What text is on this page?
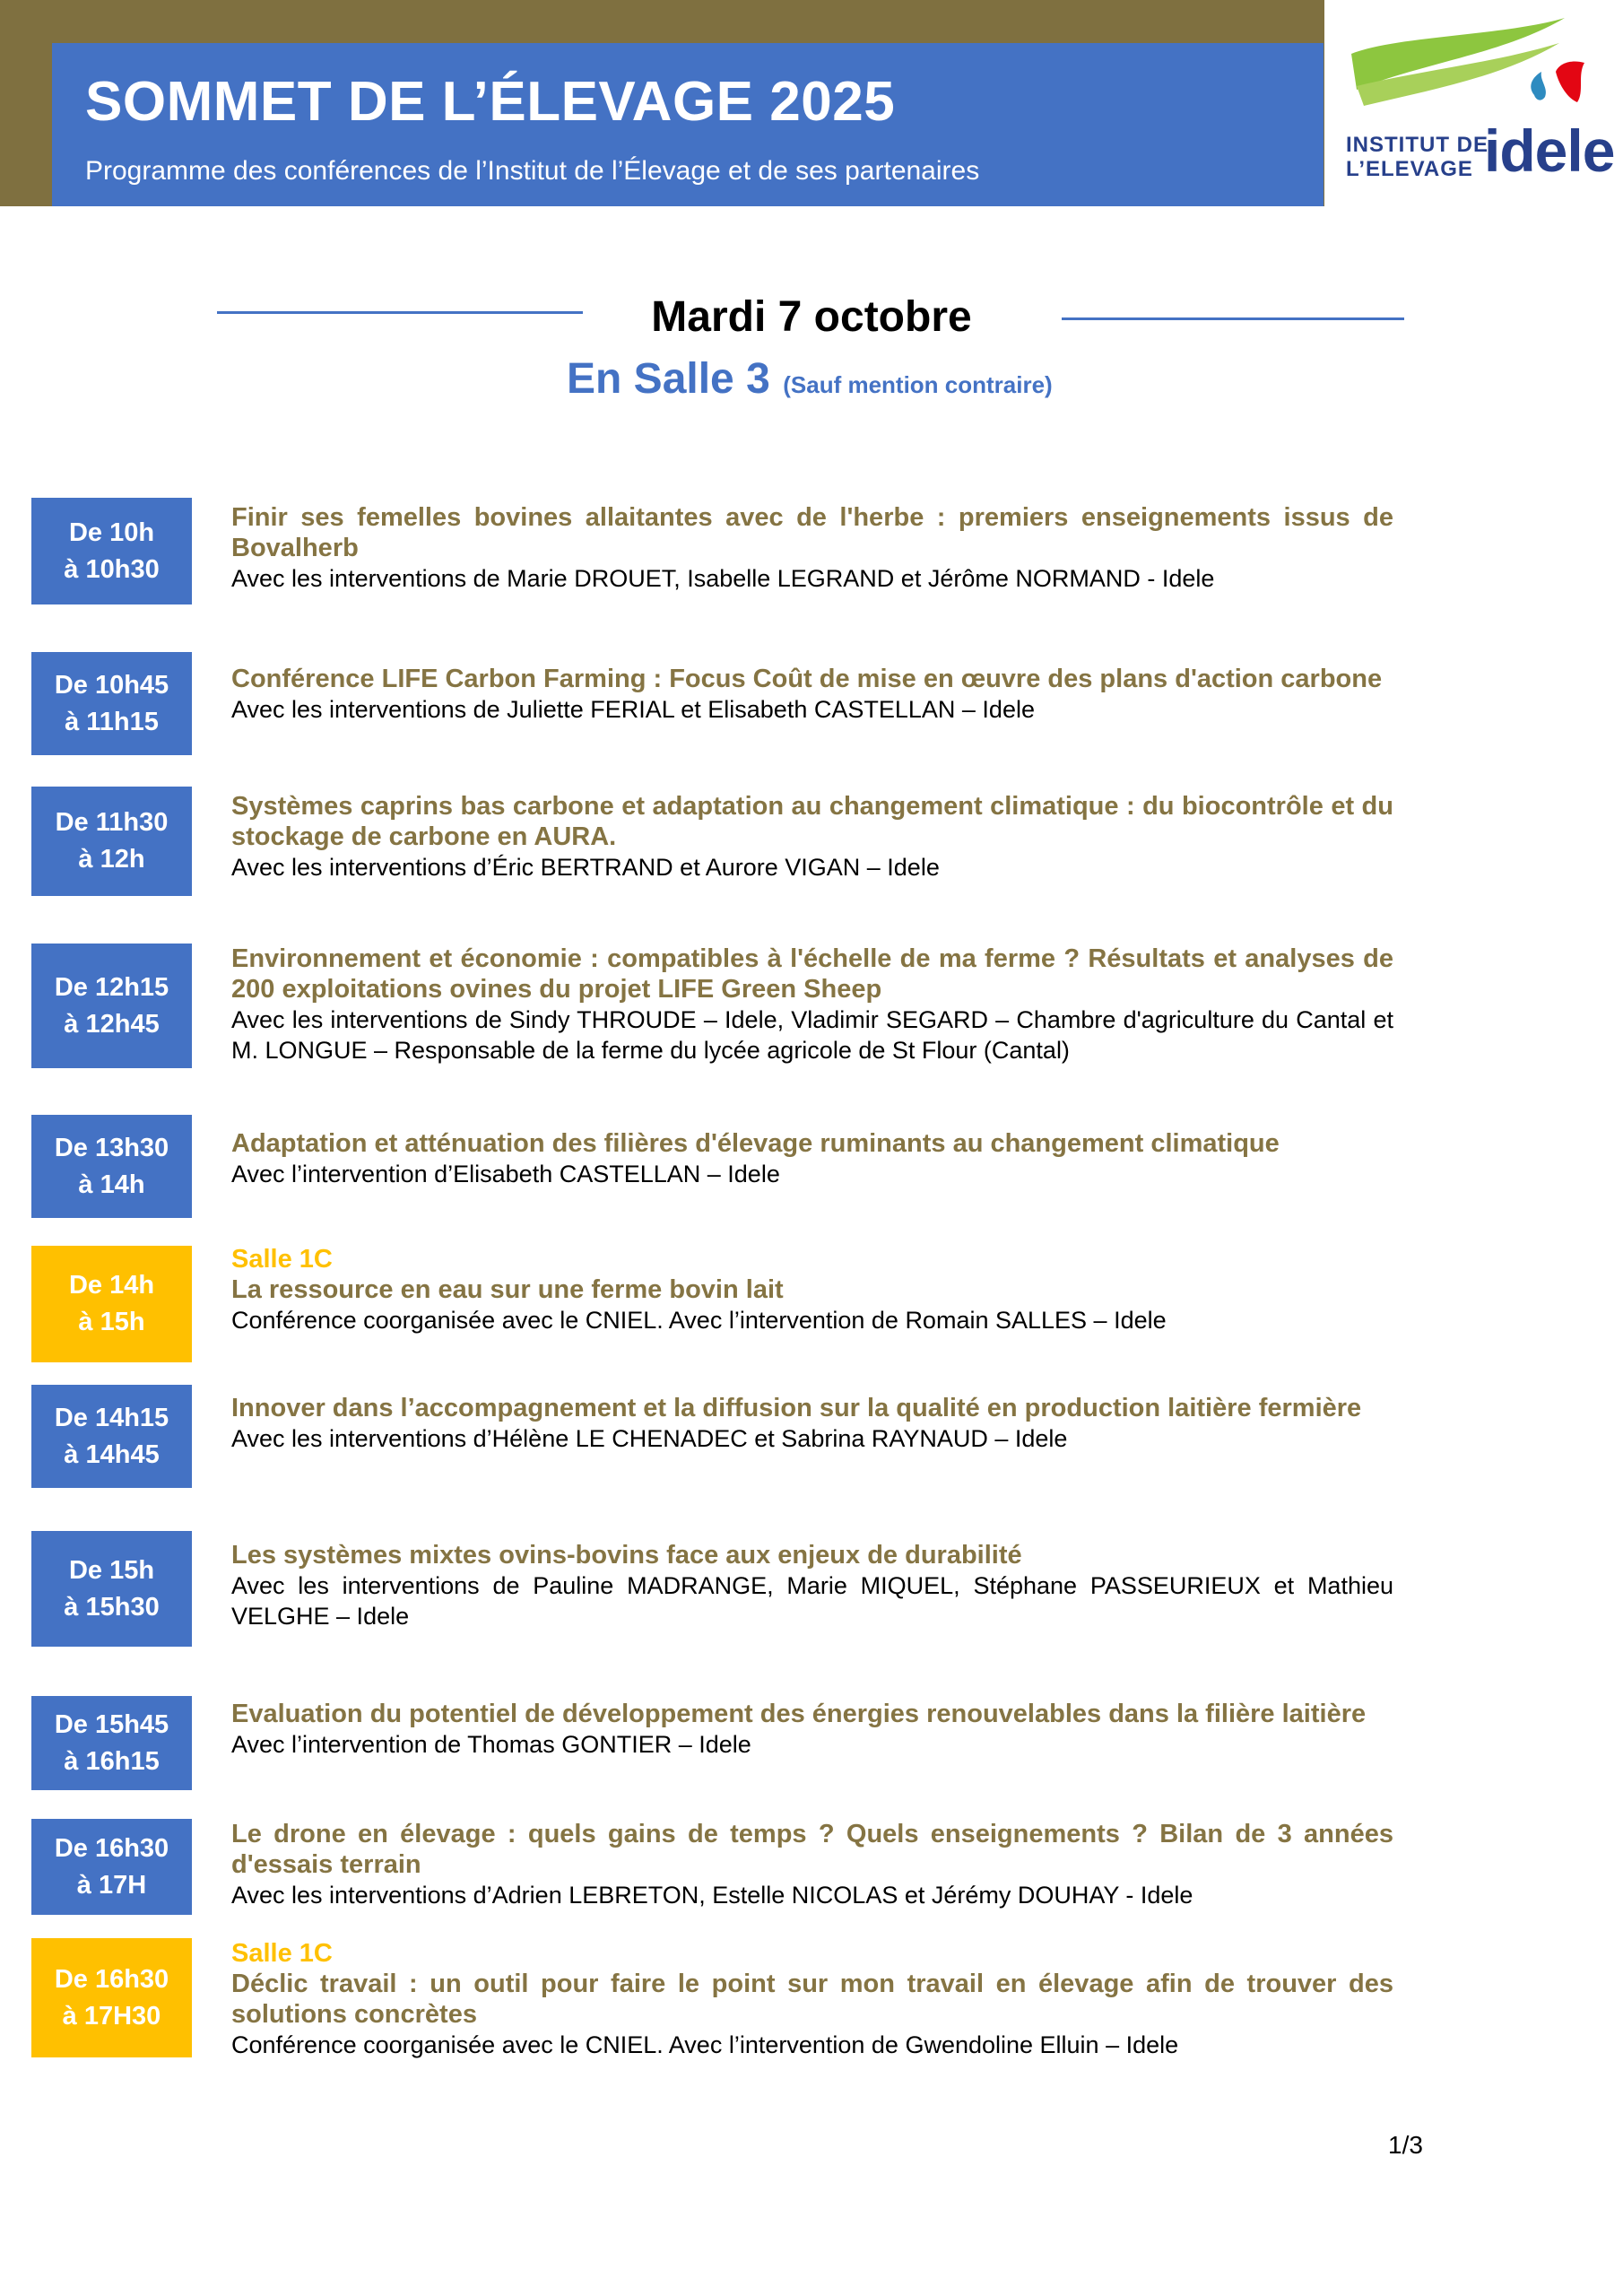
SOMMET DE L’ÉLEVAGE 2025
Programme des conférences de l’Institut de l’Élevage et de ses partenaires
INSTITUT DE
L’ELEVAGE idele
Mardi 7 octobre
En Salle 3 (Sauf mention contraire)
De 10h
à 10h30
Finir ses femelles bovines allaitantes avec de l'herbe : premiers enseignements issus de Bovalherb
Avec les interventions de Marie DROUET, Isabelle LEGRAND et Jérôme NORMAND - Idele
De 10h45
à 11h15
Conférence LIFE Carbon Farming : Focus Coût de mise en œuvre des plans d'action carbone
Avec les interventions de Juliette FERIAL et Elisabeth CASTELLAN – Idele
De 11h30
à 12h
Systèmes caprins bas carbone et adaptation au changement climatique : du biocontrôle et du stockage de carbone en AURA.
Avec les interventions d’Éric BERTRAND et Aurore VIGAN – Idele
De 12h15
à 12h45
Environnement et économie : compatibles à l'échelle de ma ferme ? Résultats et analyses de 200 exploitations ovines du projet LIFE Green Sheep
Avec les interventions de Sindy THROUDE – Idele, Vladimir SEGARD – Chambre d'agriculture du Cantal et M. LONGUE – Responsable de la ferme du lycée agricole de St Flour (Cantal)
De 13h30
à 14h
Adaptation et atténuation des filières d'élevage ruminants au changement climatique
Avec l’intervention d’Elisabeth CASTELLAN – Idele
De 14h
à 15h
Salle 1C
La ressource en eau sur une ferme bovin lait
Conférence coorganisée avec le CNIEL. Avec l’intervention de Romain SALLES – Idele
De 14h15
à 14h45
Innover dans l’accompagnement et la diffusion sur la qualité en production laitière fermière
Avec les interventions d’Hélène LE CHENADEC et Sabrina RAYNAUD – Idele
De 15h
à 15h30
Les systèmes mixtes ovins-bovins face aux enjeux de durabilité
Avec les interventions de Pauline MADRANGE, Marie MIQUEL, Stéphane PASSEURIEUX et Mathieu VELGHE – Idele
De 15h45
à 16h15
Evaluation du potentiel de développement des énergies renouvelables dans la filière laitière
Avec l’intervention de Thomas GONTIER – Idele
De 16h30
à 17H
Le drone en élevage : quels gains de temps ? Quels enseignements ? Bilan de 3 années d'essais terrain
Avec les interventions d’Adrien LEBRETON, Estelle NICOLAS et Jérémy DOUHAY - Idele
De 16h30
à 17H30
Salle 1C
Déclic travail : un outil pour faire le point sur mon travail en élevage afin de trouver des solutions concrètes
Conférence coorganisée avec le CNIEL. Avec l’intervention de Gwendoline Elluin – Idele
1/3
